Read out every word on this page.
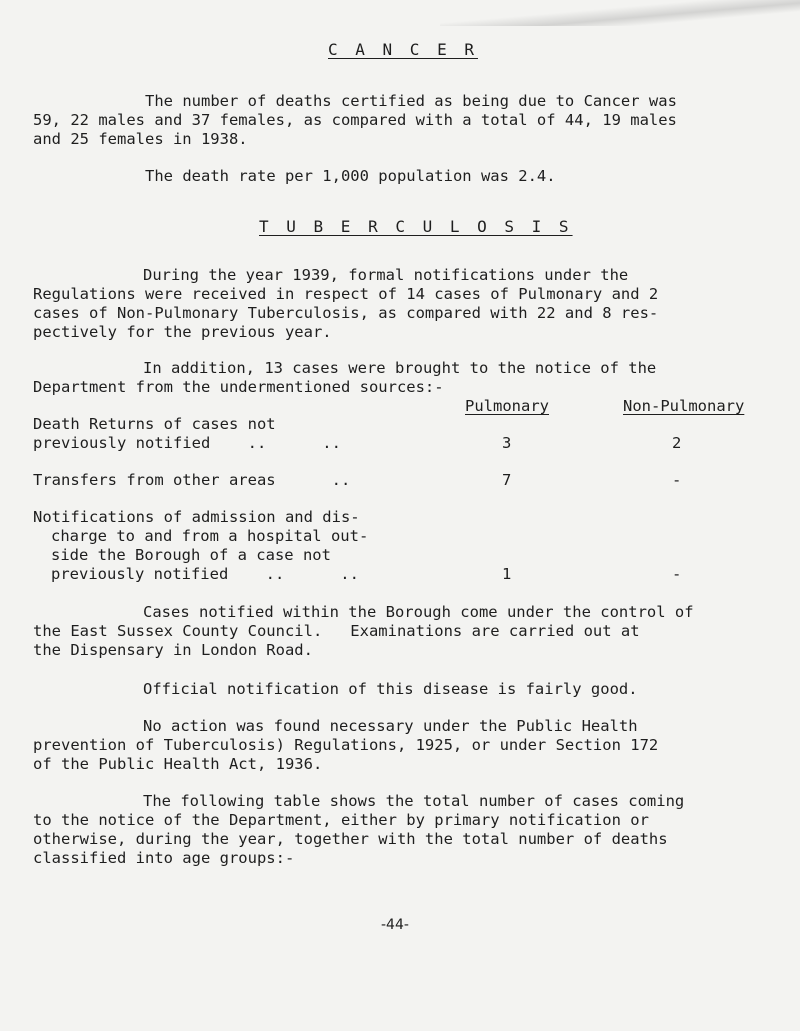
C A N C E R
The number of deaths certified as being due to Cancer was
59, 22 males and 37 females, as compared with a total of 44, 19 males
and 25 females in 1938.
The death rate per 1,000 population was 2.4.
T U B E R C U L O S I S
During the year 1939, formal notifications under the
Regulations were received in respect of 14 cases of Pulmonary and 2
cases of Non-Pulmonary Tuberculosis, as compared with 22 and 8 res-
pectively for the previous year.
In addition, 13 cases were brought to the notice of the
Department from the undermentioned sources:-
Pulmonary	Non-Pulmonary
Death Returns of cases not
previously notified    ..      ..	3	2
Transfers from other areas      ..	7	-
Notifications of admission and dis-
charge to and from a hospital out-
side the Borough of a case not
previously notified    ..      ..	1	-
Cases notified within the Borough come under the control of
the East Sussex County Council.   Examinations are carried out at
the Dispensary in London Road.
Official notification of this disease is fairly good.
No action was found necessary under the Public Health
prevention of Tuberculosis) Regulations, 1925, or under Section 172
of the Public Health Act, 1936.
The following table shows the total number of cases coming
to the notice of the Department, either by primary notification or
otherwise, during the year, together with the total number of deaths
classified into age groups:-
-44-
